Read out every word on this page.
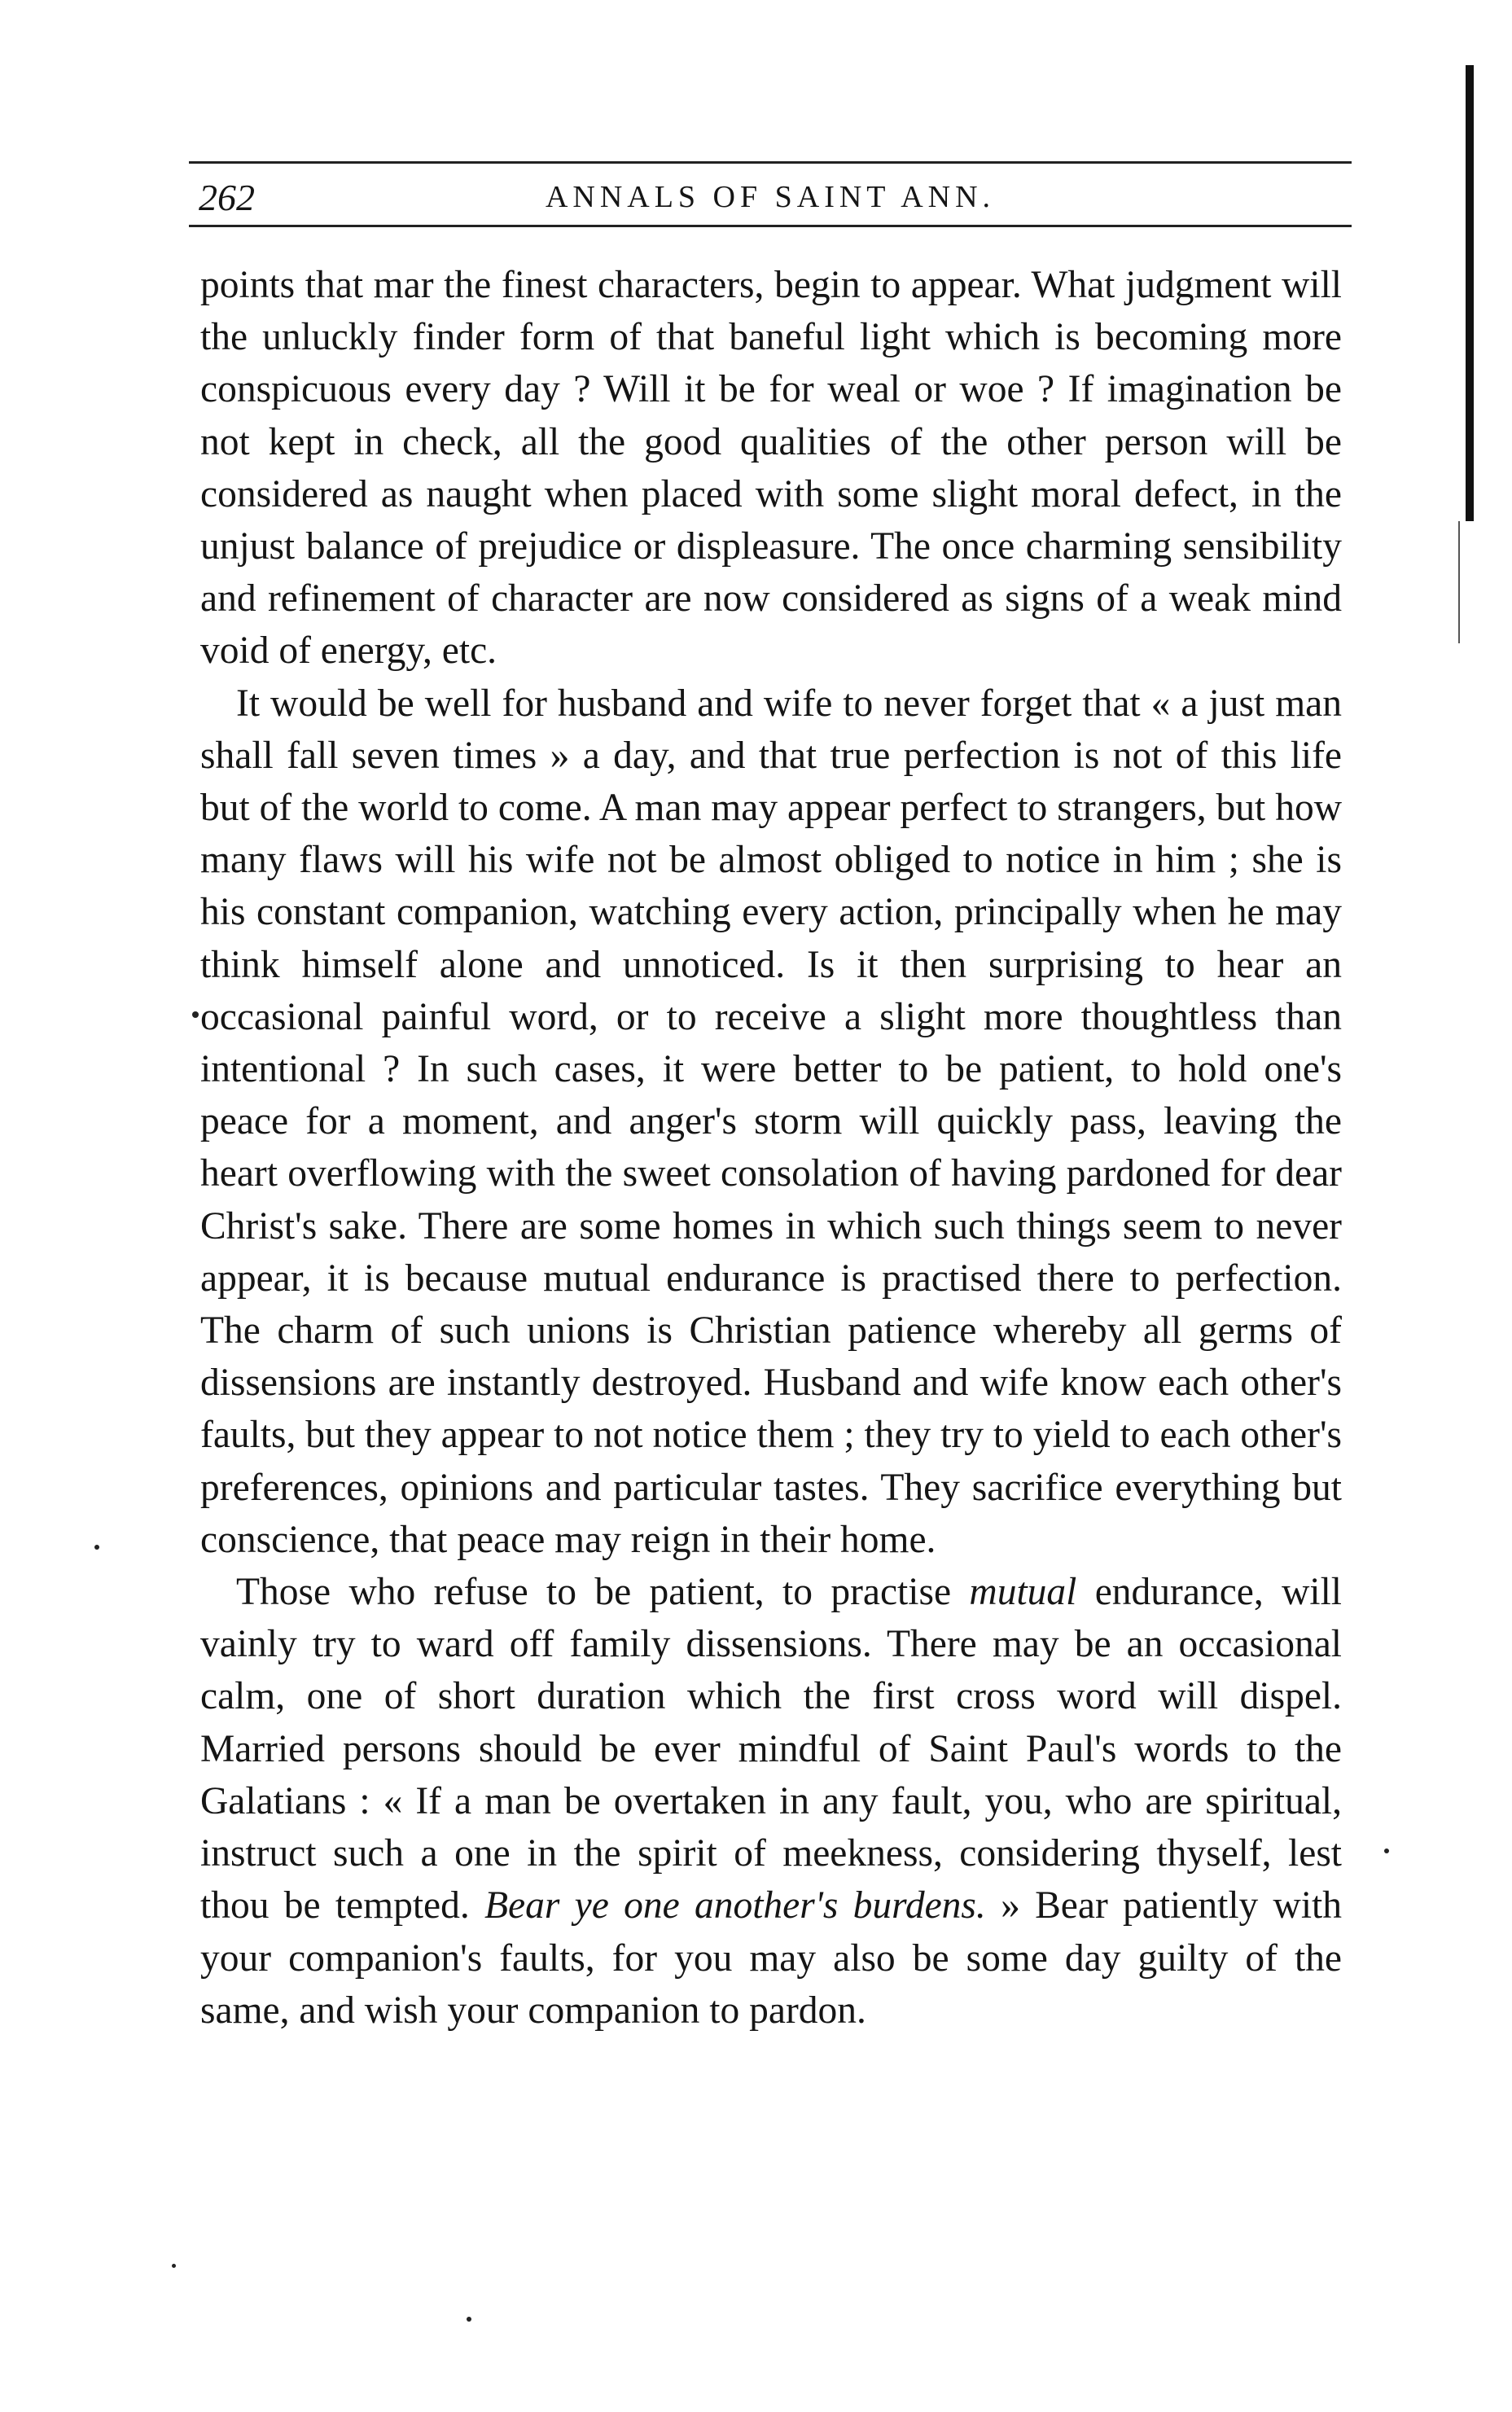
262	ANNALS OF SAINT ANN.

points that mar the finest characters, begin to appear. What judgment will the unluckly finder form of that baneful light which is becoming more conspicuous every day ? Will it be for weal or woe ? If imagination be not kept in check, all the good qualities of the other person will be considered as naught when placed with some slight moral defect, in the unjust balance of prejudice or displeasure. The once charming sensibility and refinement of character are now considered as signs of a weak mind void of energy, etc.

It would be well for husband and wife to never forget that « a just man shall fall seven times » a day, and that true perfection is not of this life but of the world to come. A man may appear perfect to strangers, but how many flaws will his wife not be almost obliged to notice in him ; she is his constant companion, watching every action, principally when he may think himself alone and unnoticed. Is it then surprising to hear an occasional painful word, or to receive a slight more thoughtless than intentional ? In such cases, it were better to be patient, to hold one's peace for a moment, and anger's storm will quickly pass, leaving the heart overflowing with the sweet consolation of having pardoned for dear Christ's sake. There are some homes in which such things seem to never appear, it is because mutual endurance is practised there to perfection. The charm of such unions is Christian patience whereby all germs of dissensions are instantly destroyed. Husband and wife know each other's faults, but they appear to not notice them ; they try to yield to each other's preferences, opinions and particular tastes. They sacrifice everything but conscience, that peace may reign in their home.

Those who refuse to be patient, to practise mutual endurance, will vainly try to ward off family dissensions. There may be an occasional calm, one of short duration which the first cross word will dispel. Married persons should be ever mindful of Saint Paul's words to the Galatians : « If a man be overtaken in any fault, you, who are spiritual, instruct such a one in the spirit of meekness, considering thyself, lest thou be tempted. Bear ye one another's burdens. » Bear patiently with your companion's faults, for you may also be some day guilty of the same, and wish your companion to pardon.
